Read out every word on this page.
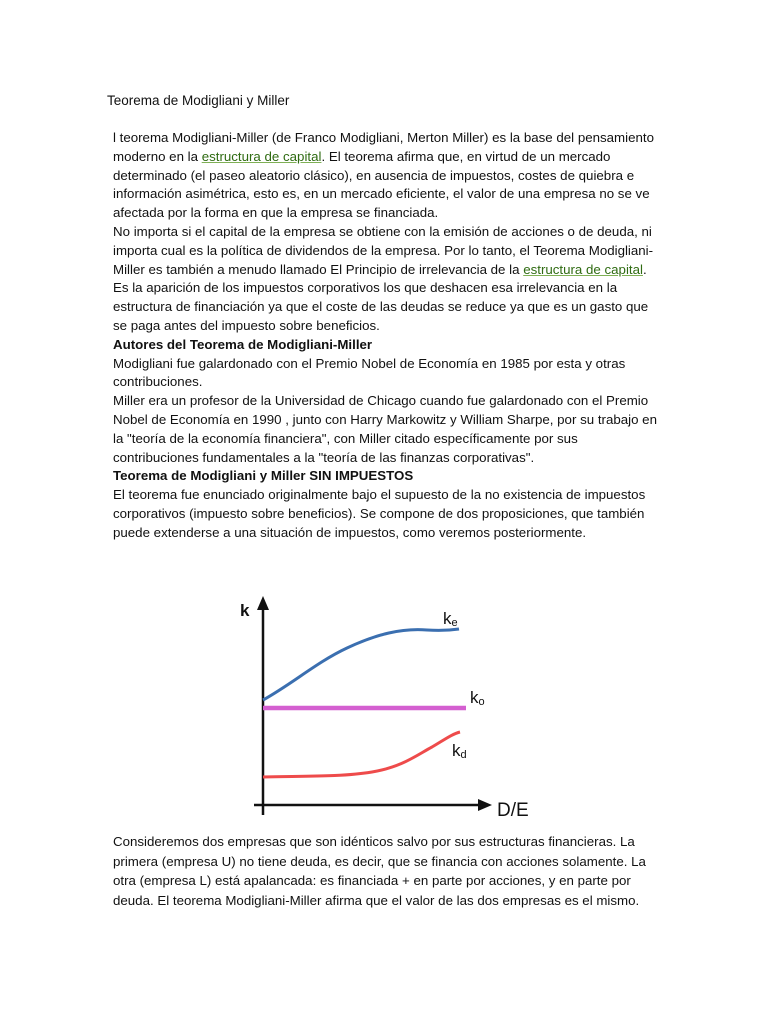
Teorema de Modigliani y Miller

l teorema Modigliani-Miller (de Franco Modigliani, Merton Miller) es la base del pensamiento moderno en la estructura de capital. El teorema afirma que, en virtud de un mercado determinado (el paseo aleatorio clásico), en ausencia de impuestos, costes de quiebra e información asimétrica, esto es, en un mercado eficiente, el valor de una empresa no se ve afectada por la forma en que la empresa se financiada.

No importa si el capital de la empresa se obtiene con la emisión de acciones o de deuda, ni importa cual es la política de dividendos de la empresa. Por lo tanto, el Teorema Modigliani-Miller es también a menudo llamado El Principio de irrelevancia de la estructura de capital.

Es la aparición de los impuestos corporativos los que deshacen esa irrelevancia en la estructura de financiación ya que el coste de las deudas se reduce ya que es un gasto que se paga antes del impuesto sobre beneficios.

Autores del Teorema de Modigliani-Miller

Modigliani fue galardonado con el Premio Nobel de Economía en 1985 por esta y otras contribuciones.

Miller era un profesor de la Universidad de Chicago cuando fue galardonado con el Premio Nobel de Economía en 1990 , junto con Harry Markowitz y William Sharpe, por su trabajo en la "teoría de la economía financiera", con Miller citado específicamente por sus contribuciones fundamentales a la "teoría de las finanzas corporativas".

Teorema de Modigliani y Miller SIN IMPUESTOS

El teorema fue enunciado originalmente bajo el supuesto de la no existencia de impuestos corporativos (impuesto sobre beneficios). Se compone de dos proposiciones, que también puede extenderse a una situación de impuestos, como veremos posteriormente.

k
D/E
ke
ko
kd

Consideremos dos empresas que son idénticos salvo por sus estructuras financieras. La primera (empresa U) no tiene deuda, es decir, que se financia con acciones solamente. La otra (empresa L) está apalancada: es financiada + en parte por acciones, y en parte por deuda. El teorema Modigliani-Miller afirma que el valor de las dos empresas es el mismo.
